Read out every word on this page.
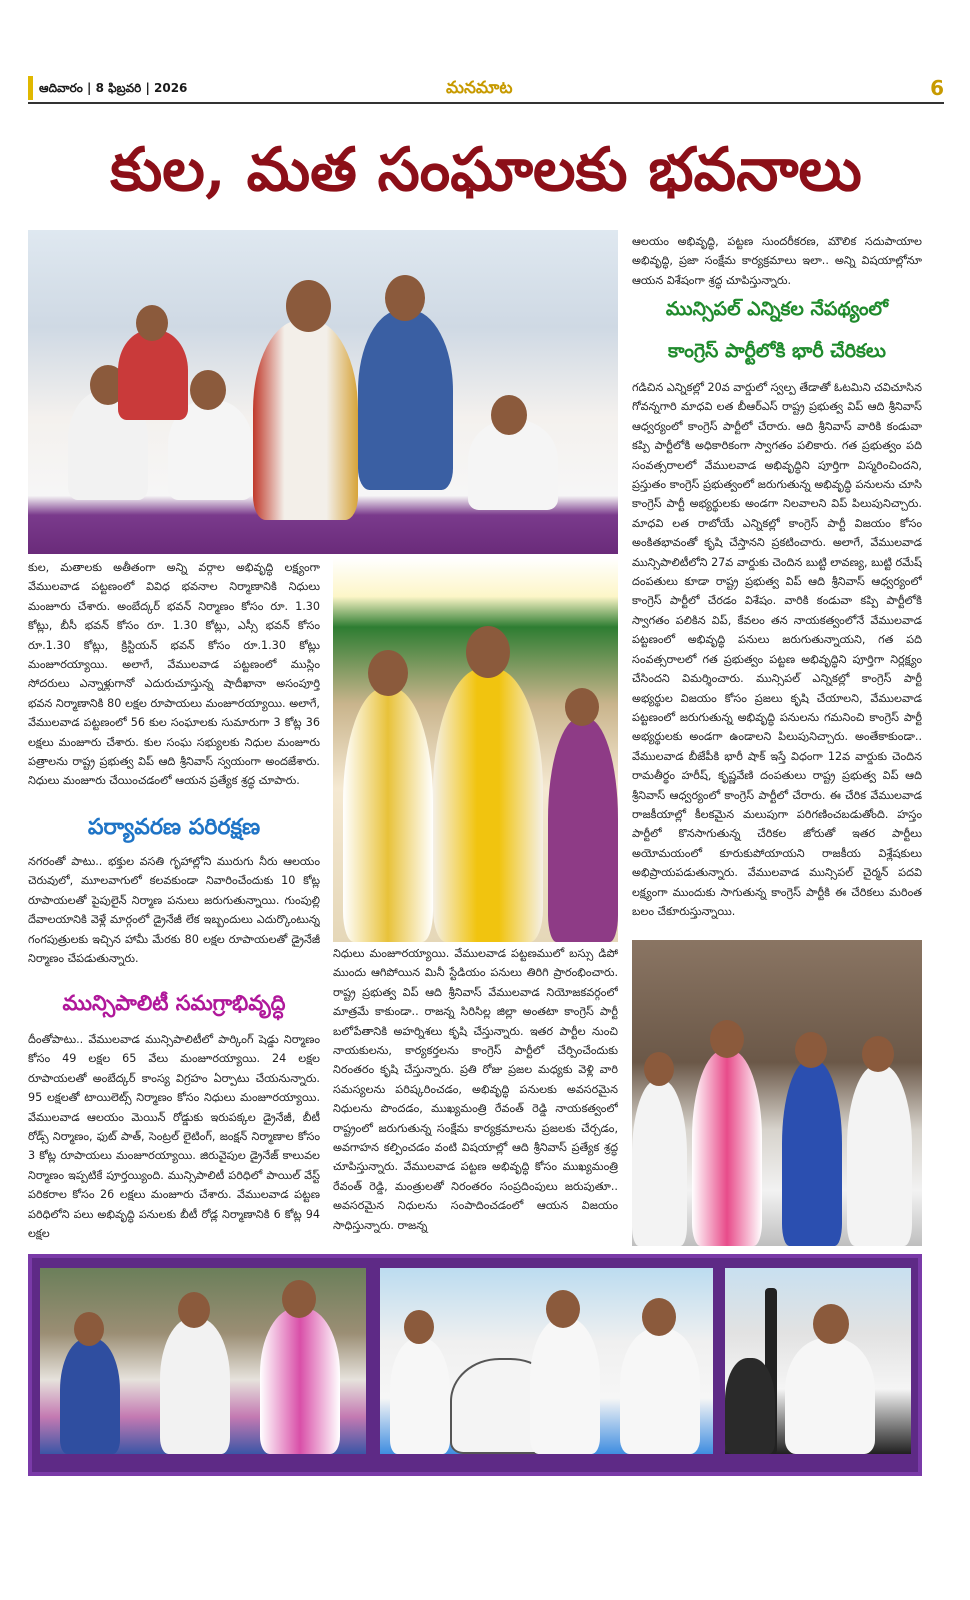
ఆదివారం | 8 ఫిబ్రవరి | 2026	మనమాట	6
కుల, మత సంఘాలకు భవనాలు
ఆలయం అభివృద్ధి, పట్టణ సుందరీకరణ, మౌలిక సదుపాయాల అభివృద్ధి, ప్రజా సంక్షేమ కార్యక్రమాలు ఇలా.. అన్ని విషయాల్లోనూ ఆయన విశేషంగా శ్రద్ధ చూపిస్తున్నారు.
మున్సిపల్ ఎన్నికల నేపథ్యంలో
కాంగ్రెస్ పార్టీలోకి భారీ చేరికలు
గడిచిన ఎన్నికల్లో 20వ వార్డులో స్వల్ప తేడాతో ఓటమిని చవిచూసిన గోవన్నగారి మాధవి లత బీఆర్ఎస్ రాష్ట్ర ప్రభుత్వ విప్ ఆది శ్రీనివాస్ ఆధ్వర్యంలో కాంగ్రెస్ పార్టీలో చేరారు. ఆది శ్రీనివాస్ వారికి కండువా కప్పి పార్టీలోకి అధికారికంగా స్వాగతం పలికారు. గత ప్రభుత్వం పది సంవత్సరాలలో వేములవాడ అభివృద్ధిని పూర్తిగా విస్మరించిందని, ప్రస్తుతం కాంగ్రెస్ ప్రభుత్వంలో జరుగుతున్న అభివృద్ధి పనులను చూసి కాంగ్రెస్ పార్టీ అభ్యర్థులకు అండగా నిలవాలని విప్ పిలుపునిచ్చారు. మాధవి లత రాబోయే ఎన్నికల్లో కాంగ్రెస్ పార్టీ విజయం కోసం అంకితభావంతో కృషి చేస్తానని ప్రకటించారు. అలాగే, వేములవాడ మున్సిపాలిటీలోని 27వ వార్డుకు చెందిన బుట్టి లావణ్య, బుట్టి రమేష్ దంపతులు కూడా రాష్ట్ర ప్రభుత్వ విప్ ఆది శ్రీనివాస్ ఆధ్వర్యంలో కాంగ్రెస్ పార్టీలో చేరడం విశేషం. వారికి కండువా కప్పి పార్టీలోకి స్వాగతం పలికిన విప్, కేవలం తన నాయకత్వంలోనే వేములవాడ పట్టణంలో అభివృద్ధి పనులు జరుగుతున్నాయని, గత పది సంవత్సరాలలో గత ప్రభుత్వం పట్టణ అభివృద్ధిని పూర్తిగా నిర్లక్ష్యం చేసిందని విమర్శించారు. మున్సిపల్ ఎన్నికల్లో కాంగ్రెస్ పార్టీ అభ్యర్థుల విజయం కోసం ప్రజలు కృషి చేయాలని, వేములవాడ పట్టణంలో జరుగుతున్న అభివృద్ధి పనులను గమనించి కాంగ్రెస్ పార్టీ అభ్యర్థులకు అండగా ఉండాలని పిలుపునిచ్చారు. అంతేకాకుండా.. వేములవాడ బీజేపీకి భారీ షాక్ ఇస్తే విధంగా 12వ వార్డుకు చెందిన రామతీర్థం హరీష్, కృష్ణవేణి దంపతులు రాష్ట్ర ప్రభుత్వ విప్ ఆది శ్రీనివాస్ ఆధ్వర్యంలో కాంగ్రెస్ పార్టీలో చేరారు. ఈ చేరిక వేములవాడ రాజకీయాల్లో కీలకమైన మలుపుగా పరిగణించబడుతోంది. హస్తం పార్టీలో కొనసాగుతున్న చేరికల జోరుతో ఇతర పార్టీలు అయోమయంలో కూరుకుపోయాయని రాజకీయ విశ్లేషకులు అభిప్రాయపడుతున్నారు. వేములవాడ మున్సిపల్ చైర్మన్ పదవి లక్ష్యంగా ముందుకు సాగుతున్న కాంగ్రెస్ పార్టీకి ఈ చేరికలు మరింత బలం చేకూరుస్తున్నాయి.
కుల, మతాలకు అతీతంగా అన్ని వర్గాల అభివృద్ధి లక్ష్యంగా వేములవాడ పట్టణంలో వివిధ భవనాల నిర్మాణానికి నిధులు మంజూరు చేశారు. అంబేద్కర్ భవన్ నిర్మాణం కోసం రూ. 1.30 కోట్లు, బీసీ భవన్ కోసం రూ. 1.30 కోట్లు, ఎస్సీ భవన్ కోసం రూ.1.30 కోట్లు, క్రిస్టియన్ భవన్ కోసం రూ.1.30 కోట్లు మంజూరయ్యాయి. అలాగే, వేములవాడ పట్టణంలో ముస్లిం సోదరులు ఎన్నాళ్లుగానో ఎదురుచూస్తున్న షాదీఖానా అసంపూర్తి భవన నిర్మాణానికి 80 లక్షల రూపాయలు మంజూరయ్యాయి. అలాగే, వేములవాడ పట్టణంలో 56 కుల సంఘాలకు సుమారుగా 3 కోట్ల 36 లక్షలు మంజూరు చేశారు. కుల సంఘ సభ్యులకు నిధుల మంజూరు పత్రాలను రాష్ట్ర ప్రభుత్వ విప్ ఆది శ్రీనివాస్ స్వయంగా అందజేశారు. నిధులు మంజూరు చేయించడంలో ఆయన ప్రత్యేక శ్రద్ధ చూపారు.
పర్యావరణ పరిరక్షణ
నగరంతో పాటు.. భక్తుల వసతి గృహాల్లోని మురుగు నీరు ఆలయం చెరువులో, మూలవాగులో కలవకుండా నివారించేందుకు 10 కోట్ల రూపాయలతో పైపులైన్ నిర్మాణ పనులు జరుగుతున్నాయి. గుంపుల్లి దేవాలయానికి వెళ్లే మార్గంలో డ్రైనేజీ లేక ఇబ్బందులు ఎదుర్కొంటున్న గంగపుత్రులకు ఇచ్చిన హామీ మేరకు 80 లక్షల రూపాయలతో డ్రైనేజీ నిర్మాణం చేపడుతున్నారు.
మున్సిపాలిటీ సమగ్రాభివృద్ధి
దీంతోపాటు.. వేములవాడ మున్సిపాలిటీలో పార్కింగ్ షెడ్డు నిర్మాణం కోసం 49 లక్షల 65 వేలు మంజూరయ్యాయి. 24 లక్షల రూపాయలతో అంబేద్కర్ కాంస్య విగ్రహం ఏర్పాటు చేయనున్నారు. 95 లక్షలతో టాయిలెట్స్ నిర్మాణం కోసం నిధులు మంజూరయ్యాయి. వేములవాడ ఆలయం మెయిన్ రోడ్డుకు ఇరుపక్కల డ్రైనేజీ, బీటీ రోడ్స్ నిర్మాణం, ఫుట్ పాత్, సెంట్రల్ లైటింగ్, జంక్షన్ నిర్మాణాల కోసం 3 కోట్ల రూపాయలు మంజూరయ్యాయి. జిరువైపుల డ్రైనేజ్ కాలువల నిర్మాణం ఇప్పటికే పూర్తయ్యింది. మున్సిపాలిటీ పరిధిలో పాయిల్ వేస్ట్ పరికరాల కోసం 26 లక్షలు మంజూరు చేశారు. వేములవాడ పట్టణ పరిధిలోని పలు అభివృద్ధి పనులకు బీటీ రోడ్ల నిర్మాణానికి 6 కోట్ల 94 లక్షల
నిధులు మంజూరయ్యాయి. వేములవాడ పట్టణములో బస్సు డిపో ముందు ఆగిపోయిన మినీ స్టేడియం పనులు తిరిగి ప్రారంభించారు. రాష్ట్ర ప్రభుత్వ విప్ ఆది శ్రీనివాస్ వేములవాడ నియోజకవర్గంలో మాత్రమే కాకుండా.. రాజన్న సిరిసిల్ల జిల్లా అంతటా కాంగ్రెస్ పార్టీ బలోపేతానికి అహర్నిశలు కృషి చేస్తున్నారు. ఇతర పార్టీల నుంచి నాయకులను, కార్యకర్తలను కాంగ్రెస్ పార్టీలో చేర్పించేందుకు నిరంతరం కృషి చేస్తున్నారు. ప్రతి రోజు ప్రజల మధ్యకు వెళ్లి వారి సమస్యలను పరిష్కరించడం, అభివృద్ధి పనులకు అవసరమైన నిధులను పొందడం, ముఖ్యమంత్రి రేవంత్ రెడ్డి నాయకత్వంలో రాష్ట్రంలో జరుగుతున్న సంక్షేమ కార్యక్రమాలను ప్రజలకు చేర్చడం, అవగాహన కల్పించడం వంటి విషయాల్లో ఆది శ్రీనివాస్ ప్రత్యేక శ్రద్ధ చూపిస్తున్నారు. వేములవాడ పట్టణ అభివృద్ధి కోసం ముఖ్యమంత్రి రేవంత్ రెడ్డి, మంత్రులతో నిరంతరం సంప్రదింపులు జరుపుతూ.. అవసరమైన నిధులను సంపాదించడంలో ఆయన విజయం సాధిస్తున్నారు. రాజన్న
